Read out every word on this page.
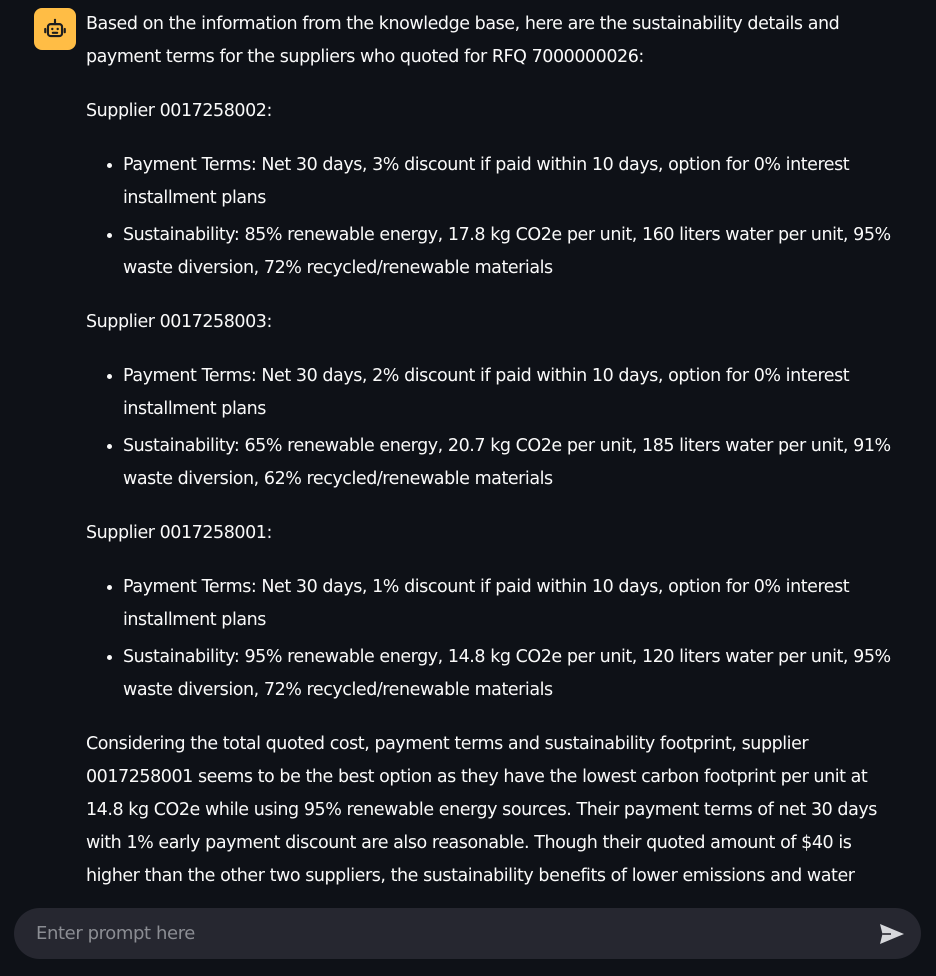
Based on the information from the knowledge base, here are the sustainability details and payment terms for the suppliers who quoted for RFQ 7000000026:

Supplier 0017258002:

• Payment Terms: Net 30 days, 3% discount if paid within 10 days, option for 0% interest installment plans
• Sustainability: 85% renewable energy, 17.8 kg CO2e per unit, 160 liters water per unit, 95% waste diversion, 72% recycled/renewable materials

Supplier 0017258003:

• Payment Terms: Net 30 days, 2% discount if paid within 10 days, option for 0% interest installment plans
• Sustainability: 65% renewable energy, 20.7 kg CO2e per unit, 185 liters water per unit, 91% waste diversion, 62% recycled/renewable materials

Supplier 0017258001:

• Payment Terms: Net 30 days, 1% discount if paid within 10 days, option for 0% interest installment plans
• Sustainability: 95% renewable energy, 14.8 kg CO2e per unit, 120 liters water per unit, 95% waste diversion, 72% recycled/renewable materials

Considering the total quoted cost, payment terms and sustainability footprint, supplier 0017258001 seems to be the best option as they have the lowest carbon footprint per unit at 14.8 kg CO2e while using 95% renewable energy sources. Their payment terms of net 30 days with 1% early payment discount are also reasonable. Though their quoted amount of $40 is higher than the other two suppliers, the sustainability benefits of lower emissions and water

Enter prompt here
